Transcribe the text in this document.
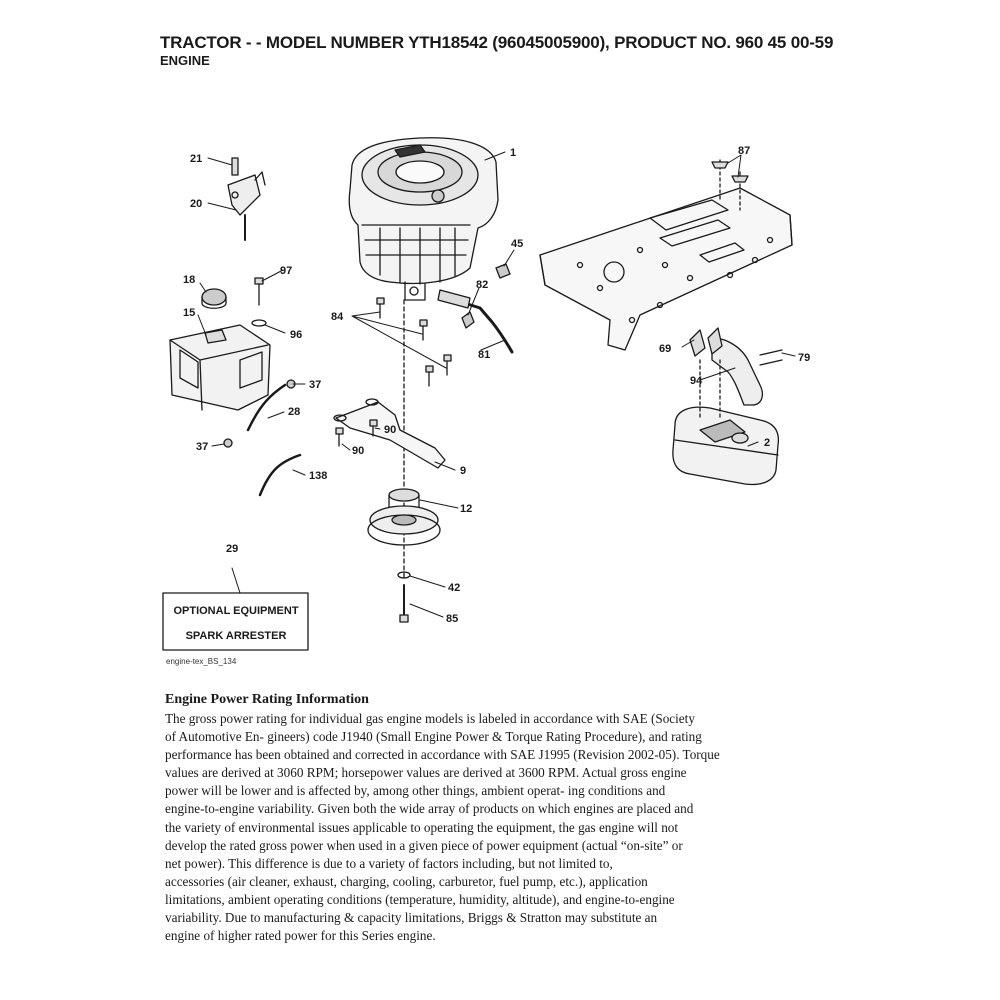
TRACTOR - - MODEL NUMBER YTH18542 (96045005900), PRODUCT NO. 960 45 00-59
ENGINE
1
2
9
12
15
18
20
21
28
29
37
37
42
45
69
79
81
82
84
85
87
90
90
94
96
97
138
OPTIONAL EQUIPMENT
SPARK ARRESTER
engine-tex_BS_134
Engine Power Rating Information
The gross power rating for individual gas engine models is labeled in accordance with SAE (Society
of Automotive En- gineers) code J1940 (Small Engine Power & Torque Rating Procedure), and rating
performance has been obtained and corrected in accordance with SAE J1995 (Revision 2002-05). Torque
values are derived at 3060 RPM; horsepower values are derived at 3600 RPM. Actual gross engine
power will be lower and is affected by, among other things, ambient operat- ing conditions and
engine-to-engine variability. Given both the wide array of products on which engines are placed and
the variety of environmental issues applicable to operating the equipment, the gas engine will not
develop the rated gross power when used in a given piece of power equipment (actual “on-site” or
net power). This difference is due to a variety of factors including, but not limited to,
accessories (air cleaner, exhaust, charging, cooling, carburetor, fuel pump, etc.), application
limitations, ambient operating conditions (temperature, humidity, altitude), and engine-to-engine
variability. Due to manufacturing & capacity limitations, Briggs & Stratton may substitute an
engine of higher rated power for this Series engine.
